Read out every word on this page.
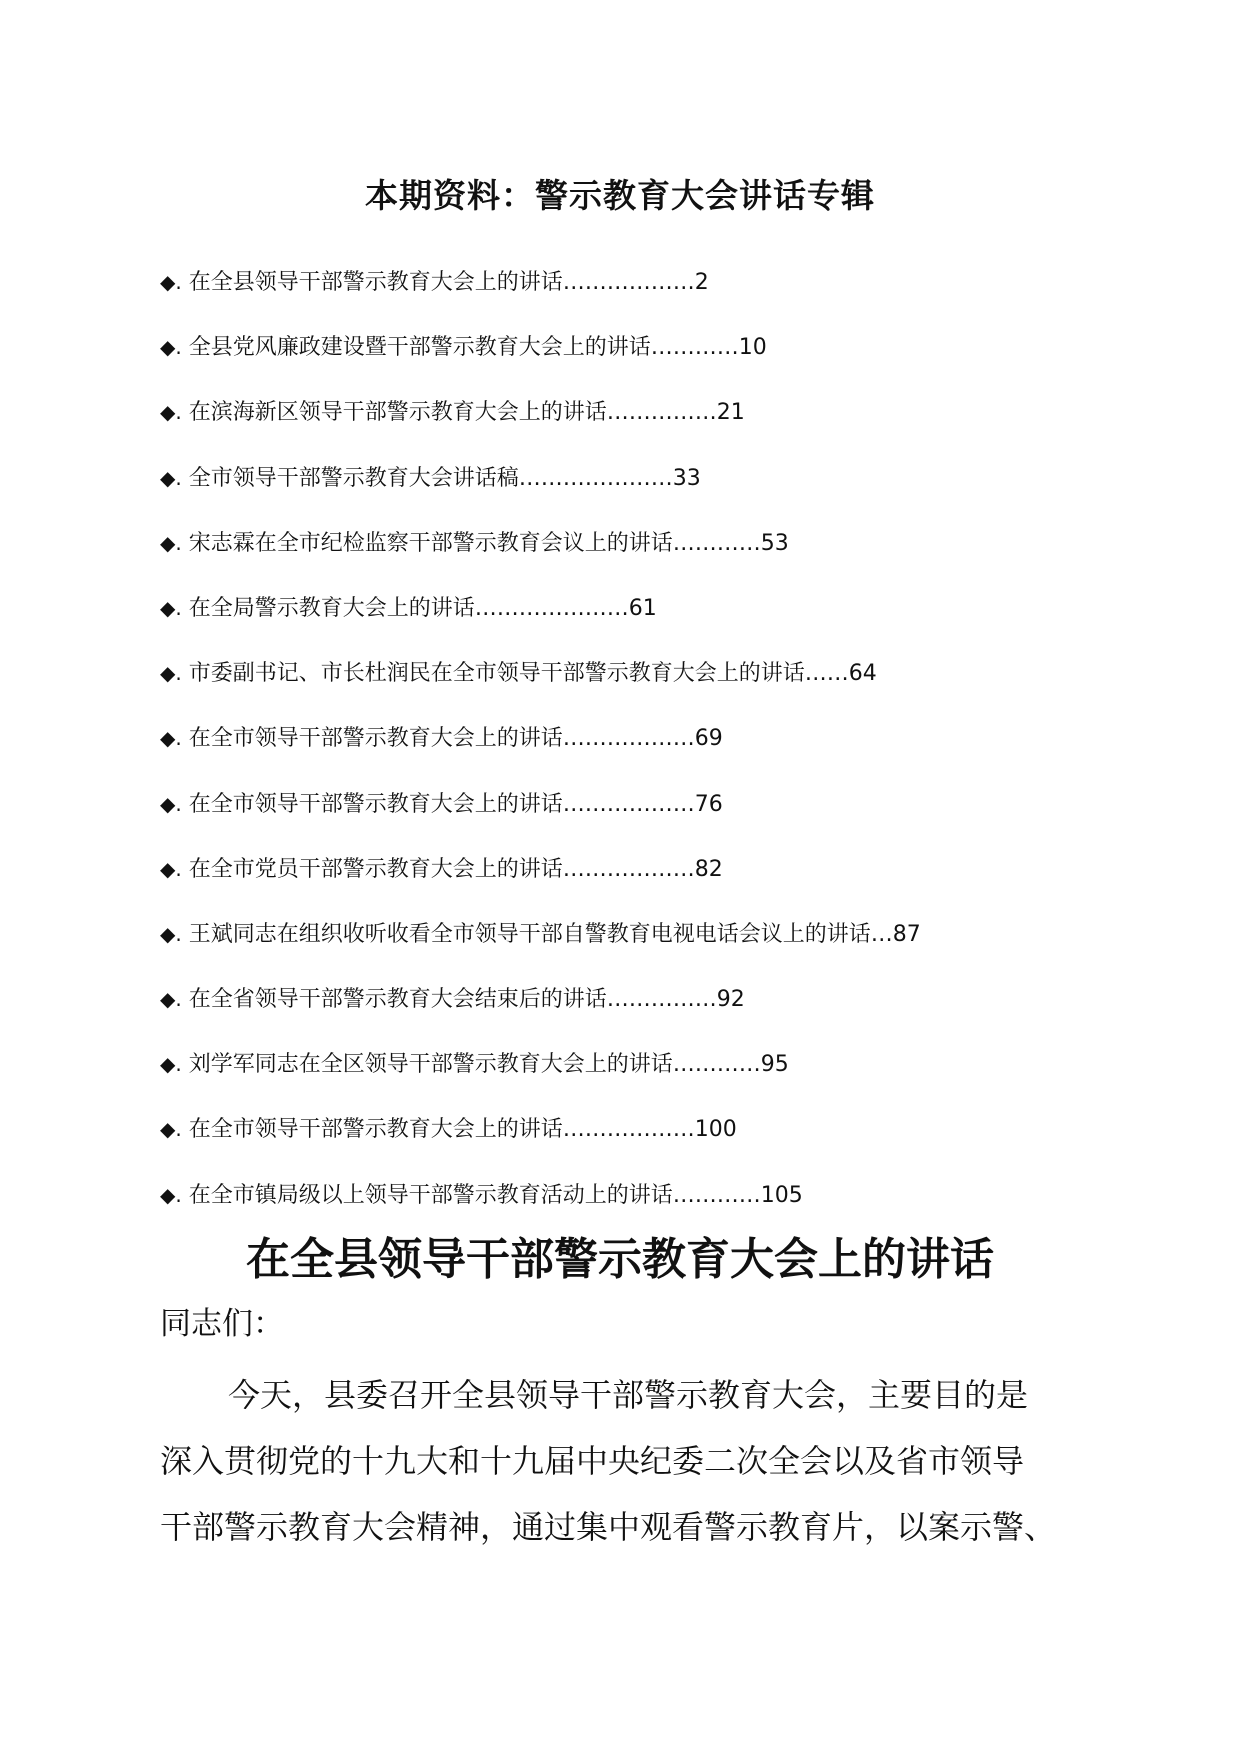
本期资料：警示教育大会讲话专辑
◆. 在全县领导干部警示教育大会上的讲话………………2
◆. 全县党风廉政建设暨干部警示教育大会上的讲话…………10
◆. 在滨海新区领导干部警示教育大会上的讲话……………21
◆. 全市领导干部警示教育大会讲话稿…………………33
◆. 宋志霖在全市纪检监察干部警示教育会议上的讲话…………53
◆. 在全局警示教育大会上的讲话…………………61
◆. 市委副书记、市长杜润民在全市领导干部警示教育大会上的讲话……64
◆. 在全市领导干部警示教育大会上的讲话………………69
◆. 在全市领导干部警示教育大会上的讲话………………76
◆. 在全市党员干部警示教育大会上的讲话………………82
◆. 王斌同志在组织收听收看全市领导干部自警教育电视电话会议上的讲话…87
◆. 在全省领导干部警示教育大会结束后的讲话……………92
◆. 刘学军同志在全区领导干部警示教育大会上的讲话…………95
◆. 在全市领导干部警示教育大会上的讲话………………100
◆. 在全市镇局级以上领导干部警示教育活动上的讲话…………105
在全县领导干部警示教育大会上的讲话
同志们：

今天，县委召开全县领导干部警示教育大会，主要目的是
深入贯彻党的十九大和十九届中央纪委二次全会以及省市领导
干部警示教育大会精神，通过集中观看警示教育片，以案示警、
